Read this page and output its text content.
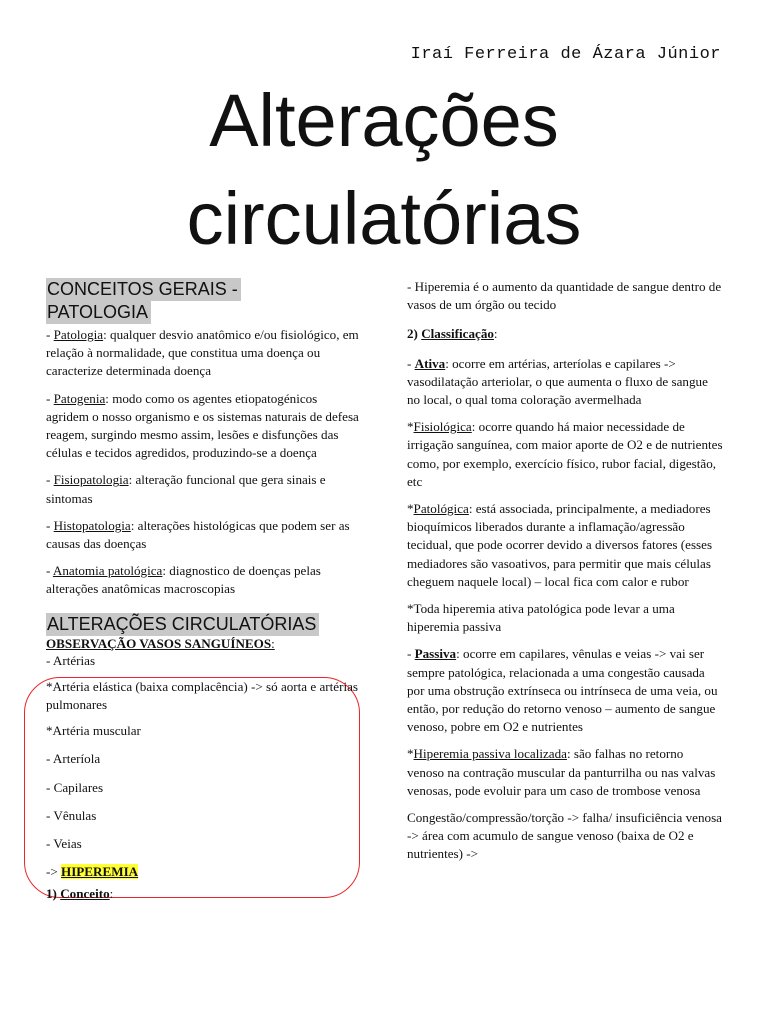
Iraí Ferreira de Ázara Júnior
Alterações
circulatórias
CONCEITOS GERAIS -
PATOLOGIA

- Patologia: qualquer desvio anatômico e/ou fisiológico, em relação à normalidade, que constitua uma doença ou caracterize determinada doença

- Patogenia: modo como os agentes etiopatogénicos agridem o nosso organismo e os sistemas naturais de defesa reagem, surgindo mesmo assim, lesões e disfunções das células e tecidos agredidos, produzindo-se a doença

- Fisiopatologia: alteração funcional que gera sinais e sintomas

- Histopatologia: alterações histológicas que podem ser as causas das doenças

- Anatomia patológica: diagnostico de doenças pelas alterações anatômicas macroscopias

ALTERAÇÕES CIRCULATÓRIAS
OBSERVAÇÃO VASOS SANGUÍNEOS:

- Artérias

*Artéria elástica (baixa complacência) -> só aorta e artérias pulmonares

*Artéria muscular

- Arteríola

- Capilares

- Vênulas

- Veias

-> HIPEREMIA

1) Conceito:

- Hiperemia é o aumento da quantidade de sangue dentro de vasos de um órgão ou tecido

2) Classificação:

- Ativa: ocorre em artérias, arteríolas e capilares -> vasodilatação arteriolar, o que aumenta o fluxo de sangue no local, o qual toma coloração avermelhada

*Fisiológica: ocorre quando há maior necessidade de irrigação sanguínea, com maior aporte de O2 e de nutrientes como, por exemplo, exercício físico, rubor facial, digestão, etc

*Patológica: está associada, principalmente, a mediadores bioquímicos liberados durante a inflamação/agressão tecidual, que pode ocorrer devido a diversos fatores (esses mediadores são vasoativos, para permitir que mais células cheguem naquele local) – local fica com calor e rubor

*Toda hiperemia ativa patológica pode levar a uma hiperemia passiva

- Passiva: ocorre em capilares, vênulas e veias -> vai ser sempre patológica, relacionada a uma congestão causada por uma obstrução extrínseca ou intrínseca de uma veia, ou então, por redução do retorno venoso – aumento de sangue venoso, pobre em O2 e nutrientes

*Hiperemia passiva localizada: são falhas no retorno venoso na contração muscular da panturrilha ou nas valvas venosas, pode evoluir para um caso de trombose venosa

Congestão/compressão/torção -> falha/ insuficiência venosa -> área com acumulo de sangue venoso (baixa de O2 e nutrientes) ->
